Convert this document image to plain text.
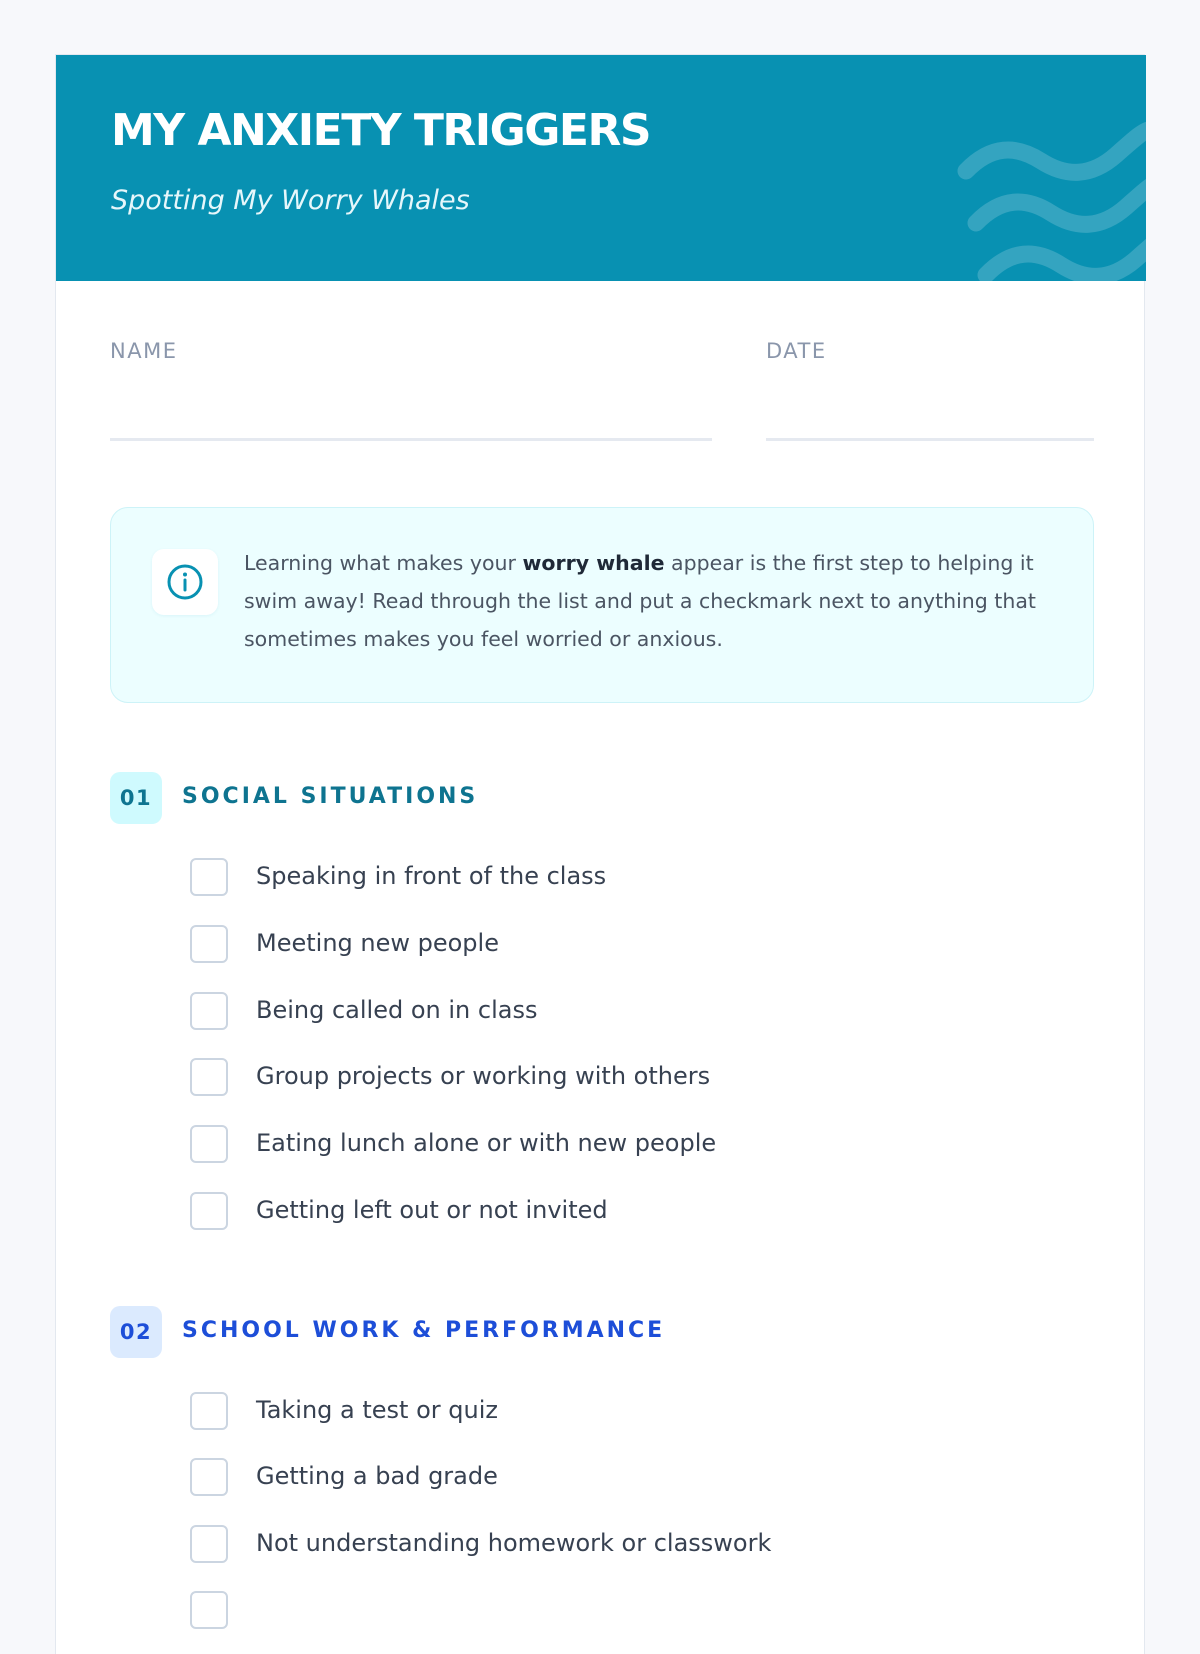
MY ANXIETY TRIGGERS

Spotting My Worry Whales

NAME	DATE

Learning what makes your worry whale appear is the first step to helping it swim away! Read through the list and put a checkmark next to anything that sometimes makes you feel worried or anxious.

01	SOCIAL SITUATIONS
Speaking in front of the class
Meeting new people
Being called on in class
Group projects or working with others
Eating lunch alone or with new people
Getting left out or not invited
02	SCHOOL WORK & PERFORMANCE
Taking a test or quiz
Getting a bad grade
Not understanding homework or classwork
